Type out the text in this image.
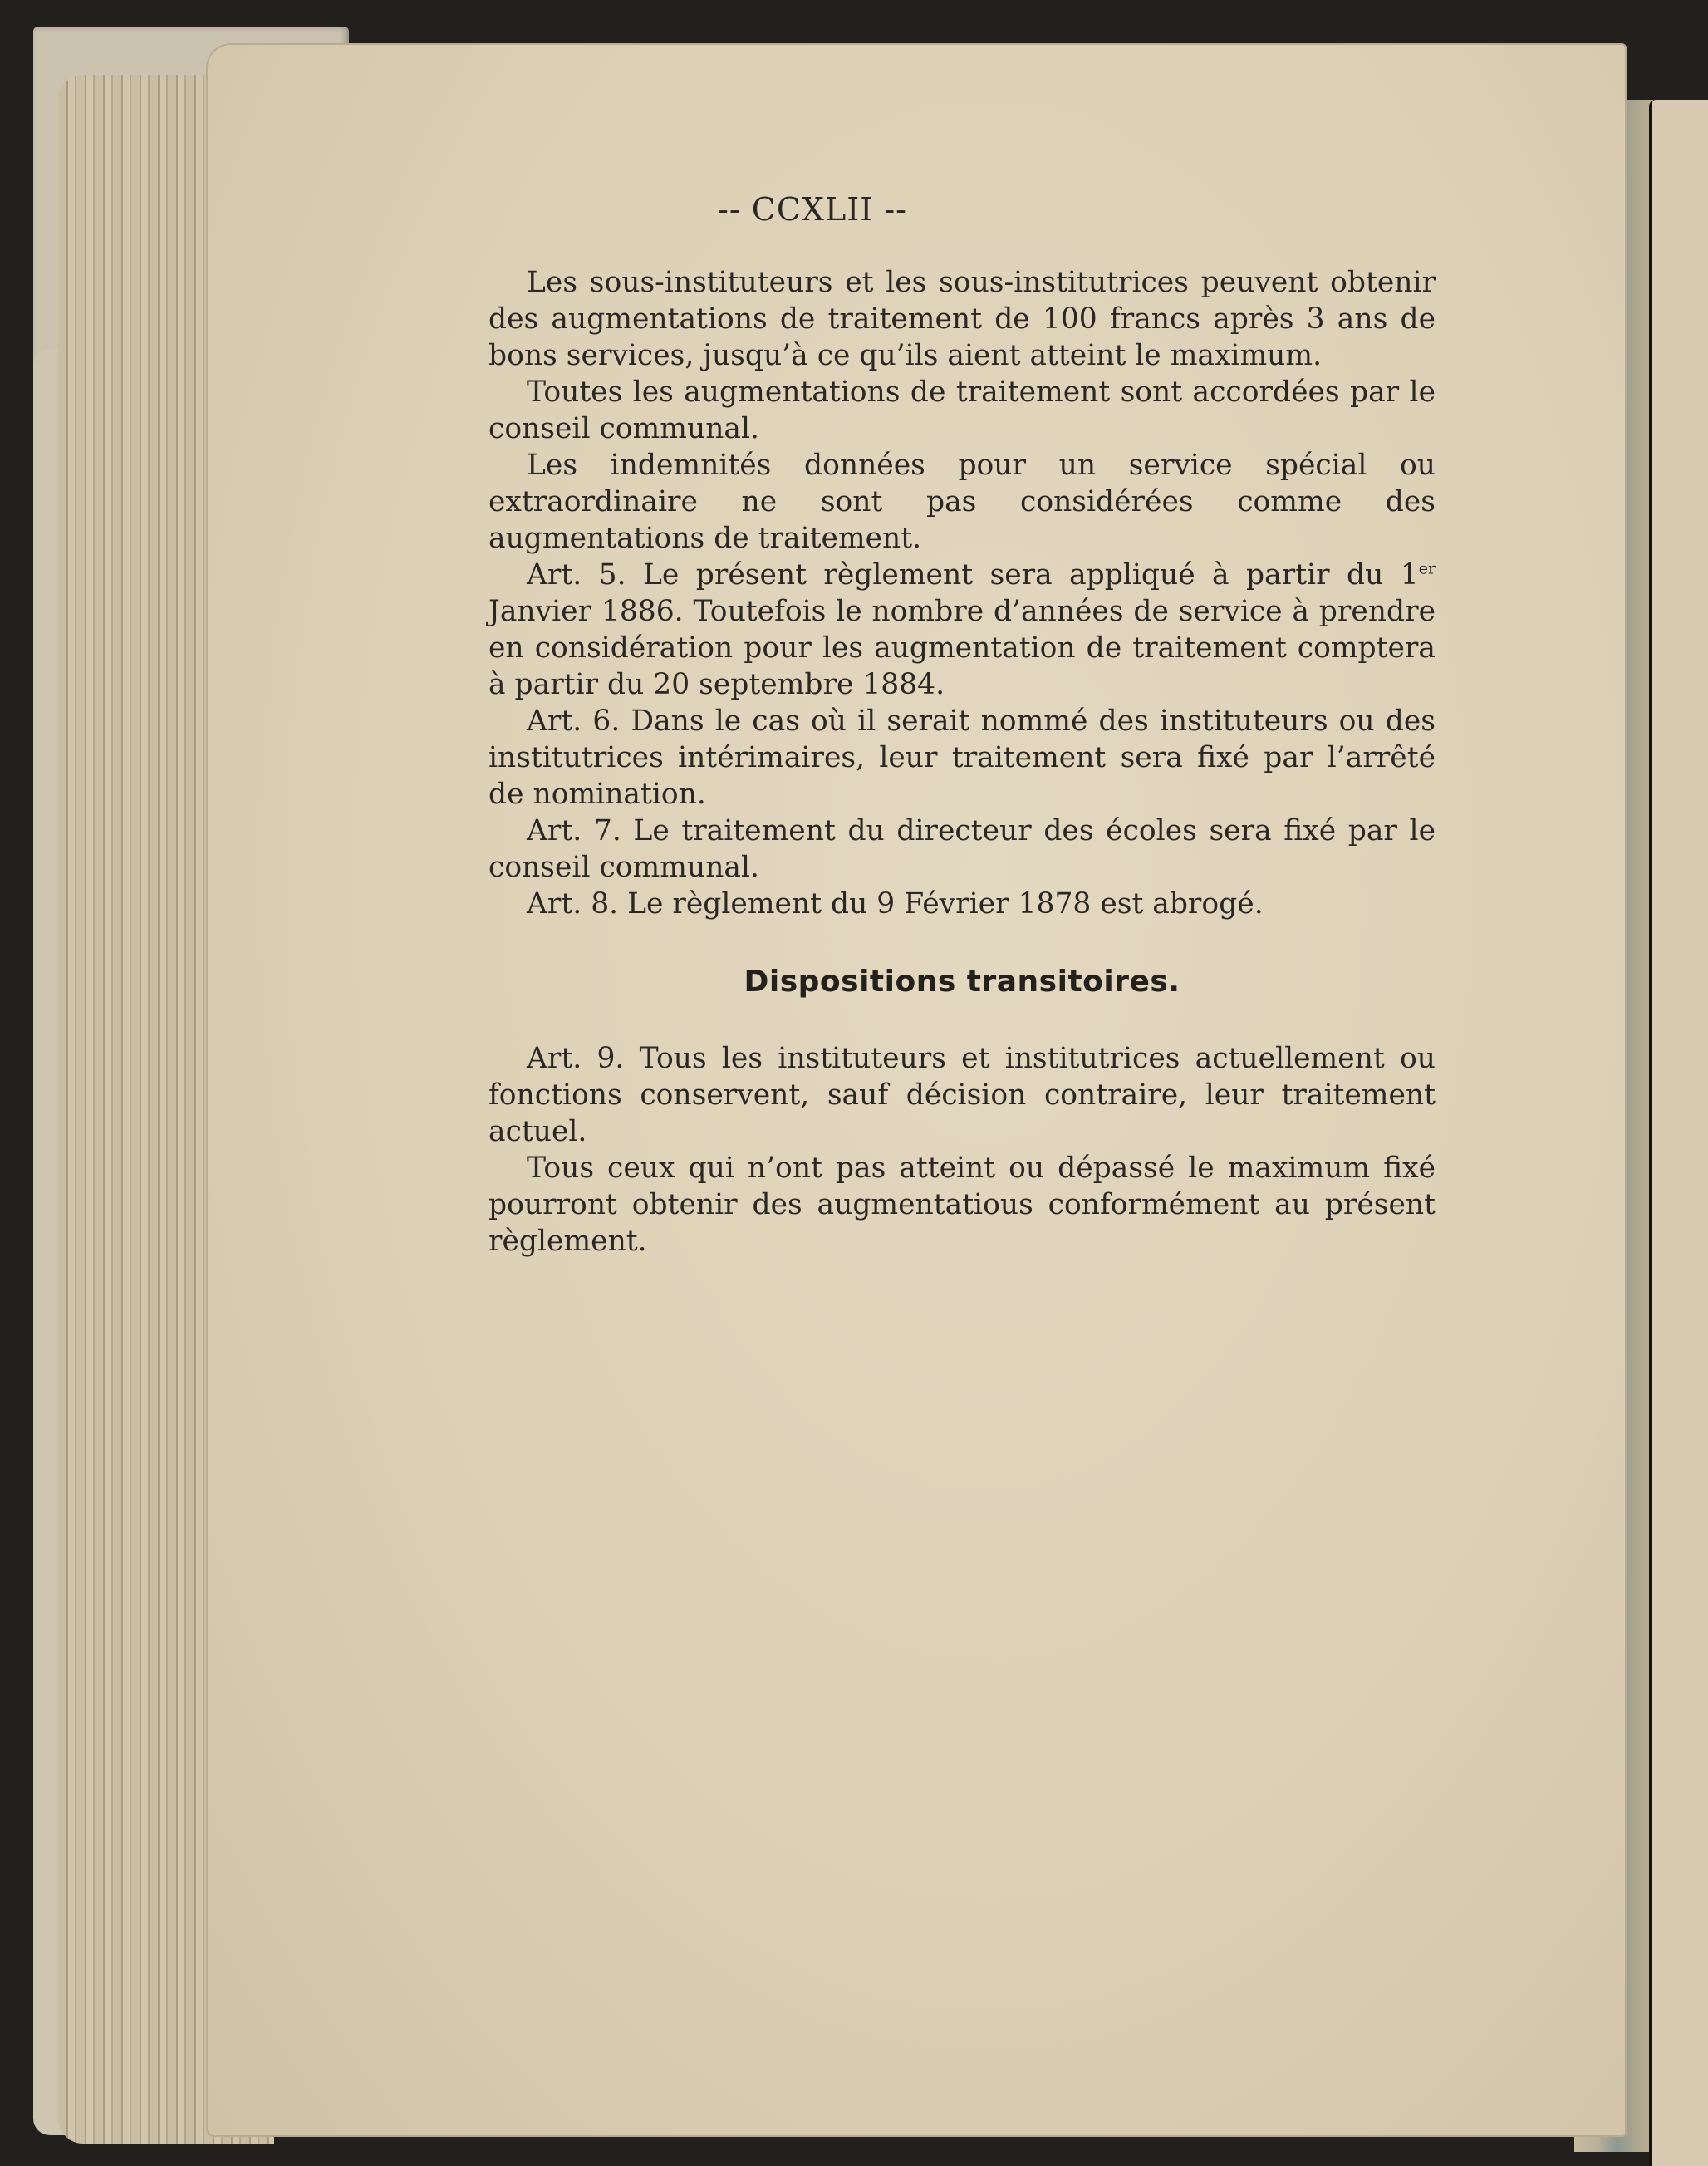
-- CCXLII --

Les sous-instituteurs et les sous-institutrices peuvent obtenir des augmentations de traitement de 100 francs après 3 ans de bons services, jusqu’à ce qu’ils aient atteint le maximum.

Toutes les augmentations de traitement sont accordées par le conseil communal.

Les indemnités données pour un service spécial ou extraordinaire ne sont pas considérées comme des augmentations de traitement.

Art. 5. Le présent règlement sera appliqué à partir du 1er Janvier 1886. Toutefois le nombre d’années de service à prendre en considération pour les augmentation de traitement comptera à partir du 20 septembre 1884.

Art. 6. Dans le cas où il serait nommé des instituteurs ou des institutrices intérimaires, leur traitement sera fixé par l’arrêté de nomination.

Art. 7. Le traitement du directeur des écoles sera fixé par le conseil communal.

Art. 8. Le règlement du 9 Février 1878 est abrogé.

Dispositions transitoires.

Art. 9. Tous les instituteurs et institutrices actuellement ou fonctions conservent, sauf décision contraire, leur traitement actuel.

Tous ceux qui n’ont pas atteint ou dépassé le maximum fixé pourront obtenir des augmentatious conformément au présent règlement.
